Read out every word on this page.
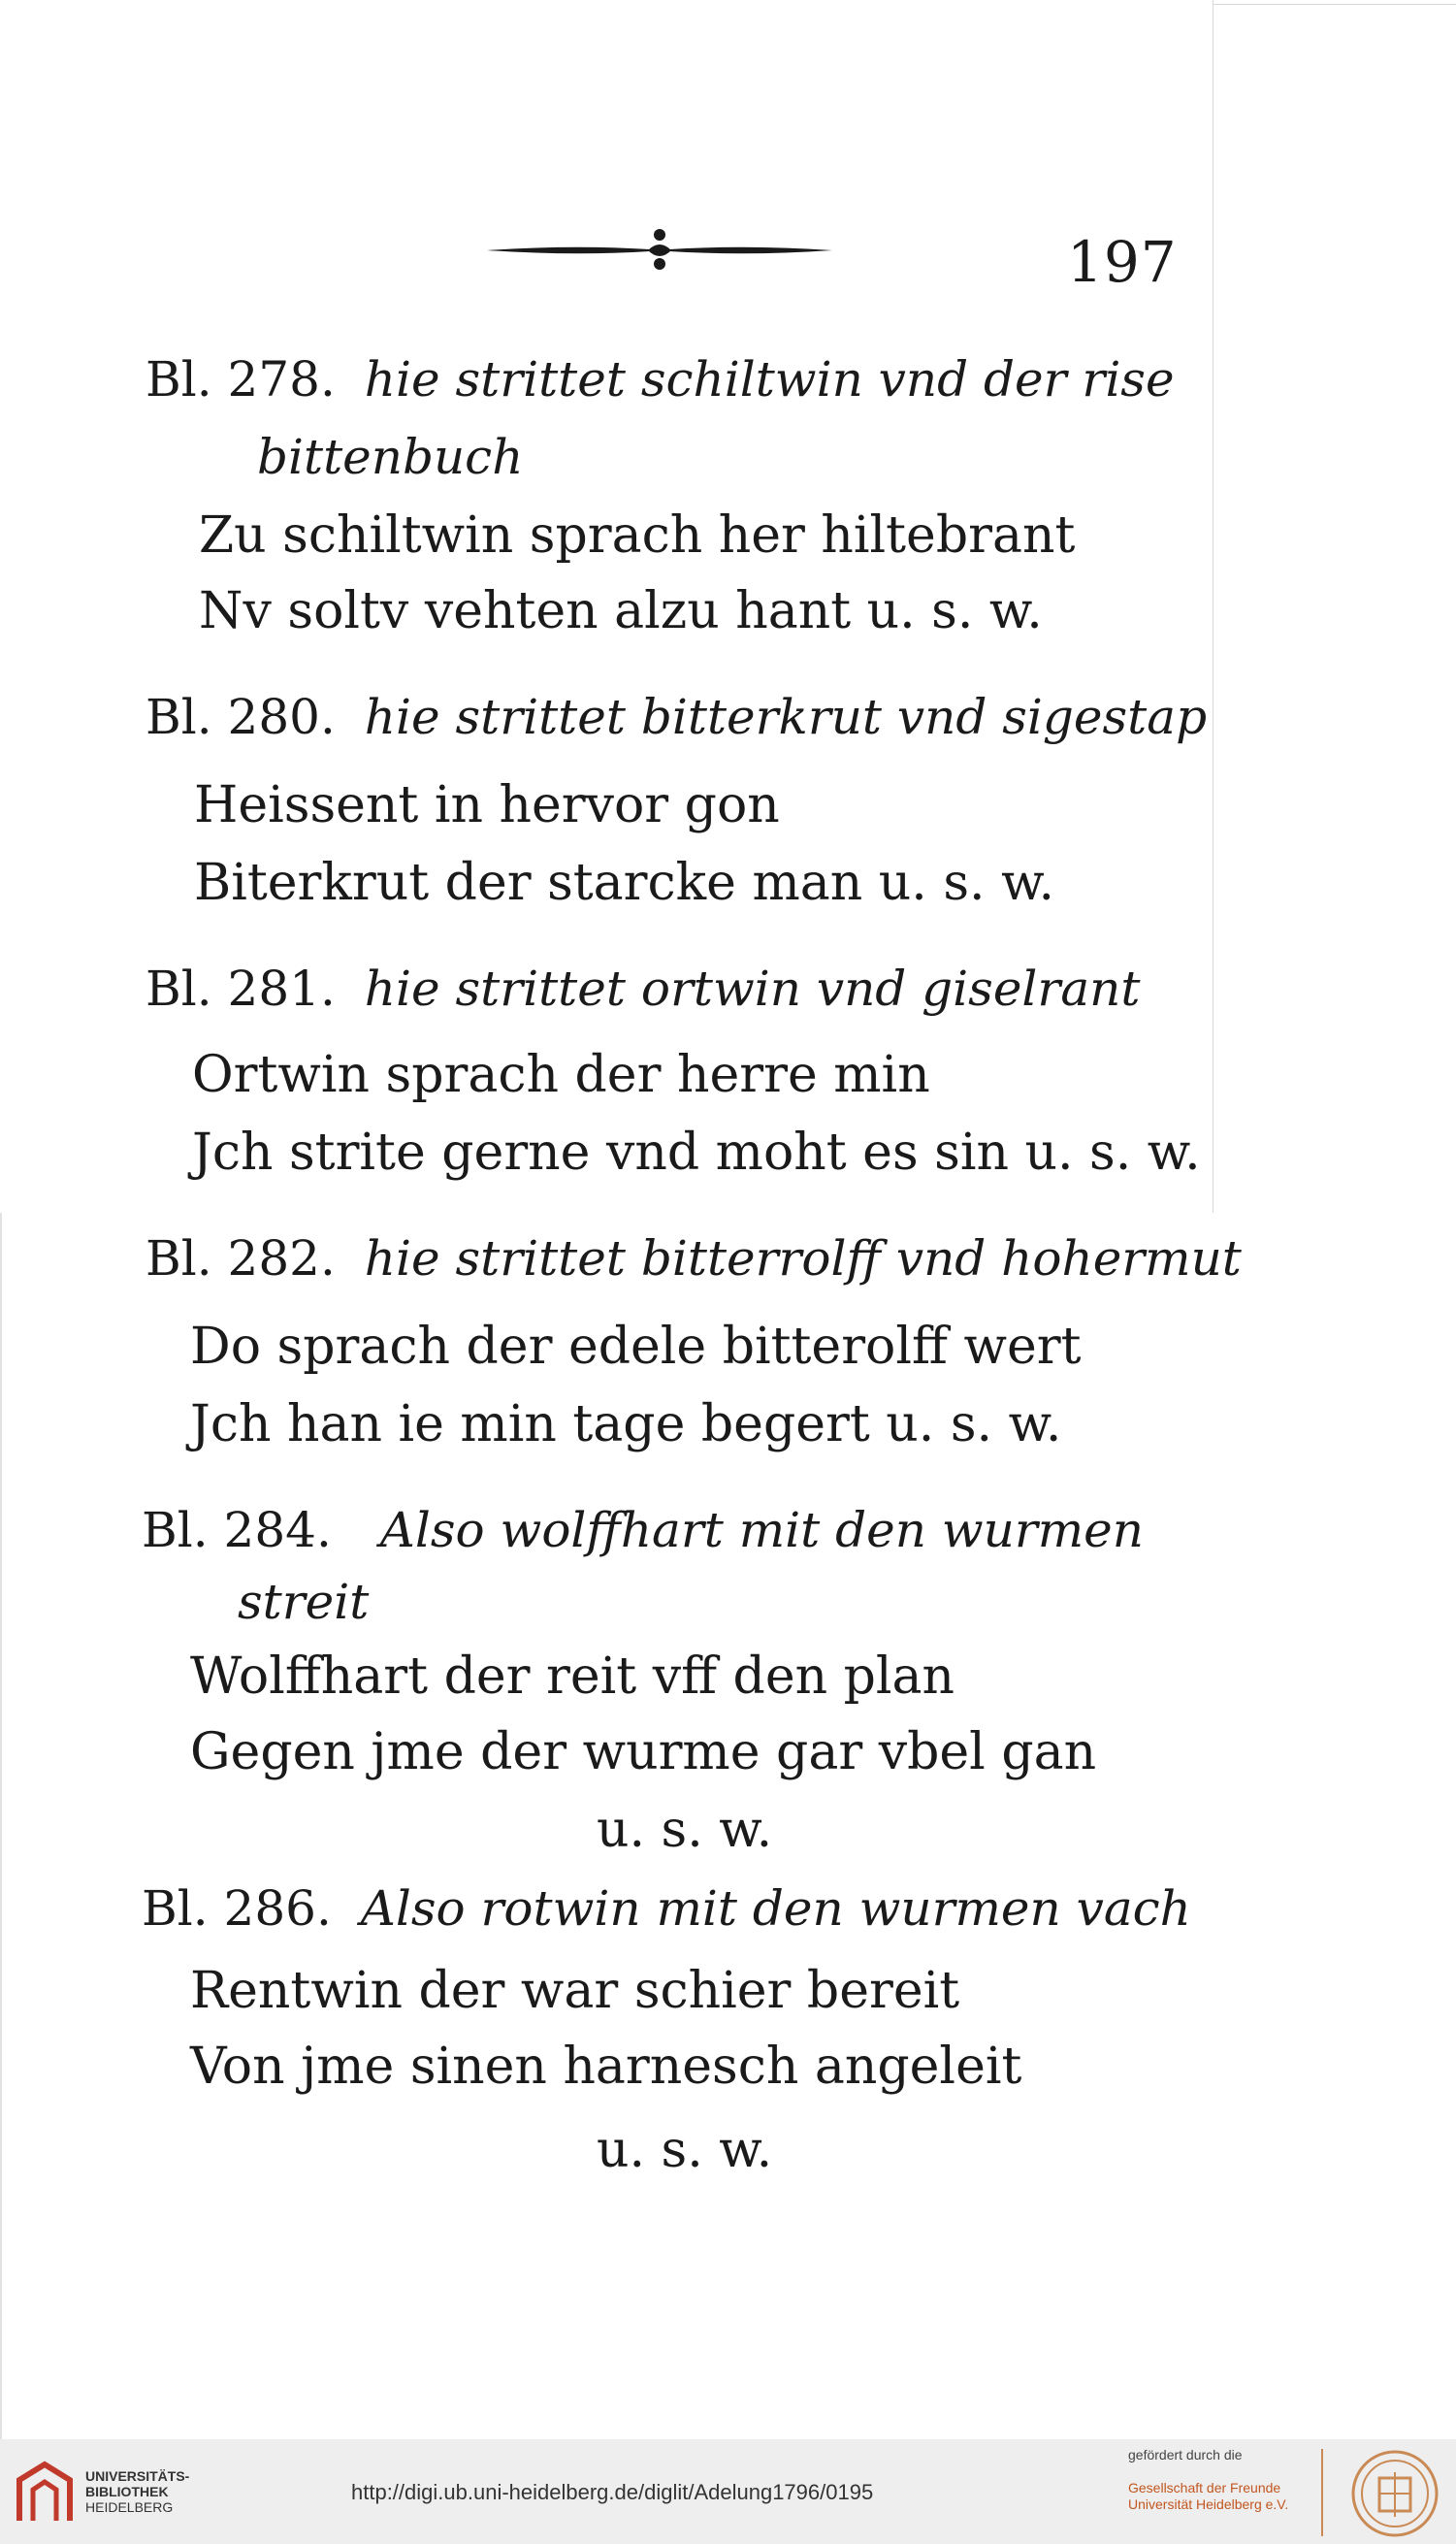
197
Bl. 278. hie strittet schiltwin vnd der rise
bittenbuch
Zu schiltwin sprach her hiltebrant
Nv soltv vehten alzu hant u. s. w.
Bl. 280. hie strittet bitterkrut vnd sigestap
Heissent in hervor gon
Biterkrut der starcke man u. s. w.
Bl. 281. hie strittet ortwin vnd giselrant
Ortwin sprach der herre min
Jch strite gerne vnd moht es sin u. s. w.
Bl. 282. hie strittet bitterrolff vnd hohermut
Do sprach der edele bitterolff wert
Jch han ie min tage begert u. s. w.
Bl. 284. Also wolffhart mit den wurmen
streit
Wolffhart der reit vff den plan
Gegen jme der wurme gar vbel gan
u. s. w.
Bl. 286. Also rotwin mit den wurmen vach
Rentwin der war schier bereit
Von jme sinen harnesch angeleit
u. s. w.
UNIVERSITÄTS-
BIBLIOTHEK
HEIDELBERG
http://digi.ub.uni-heidelberg.de/diglit/Adelung1796/0195
gefördert durch die
Gesellschaft der Freunde
Universität Heidelberg e.V.
